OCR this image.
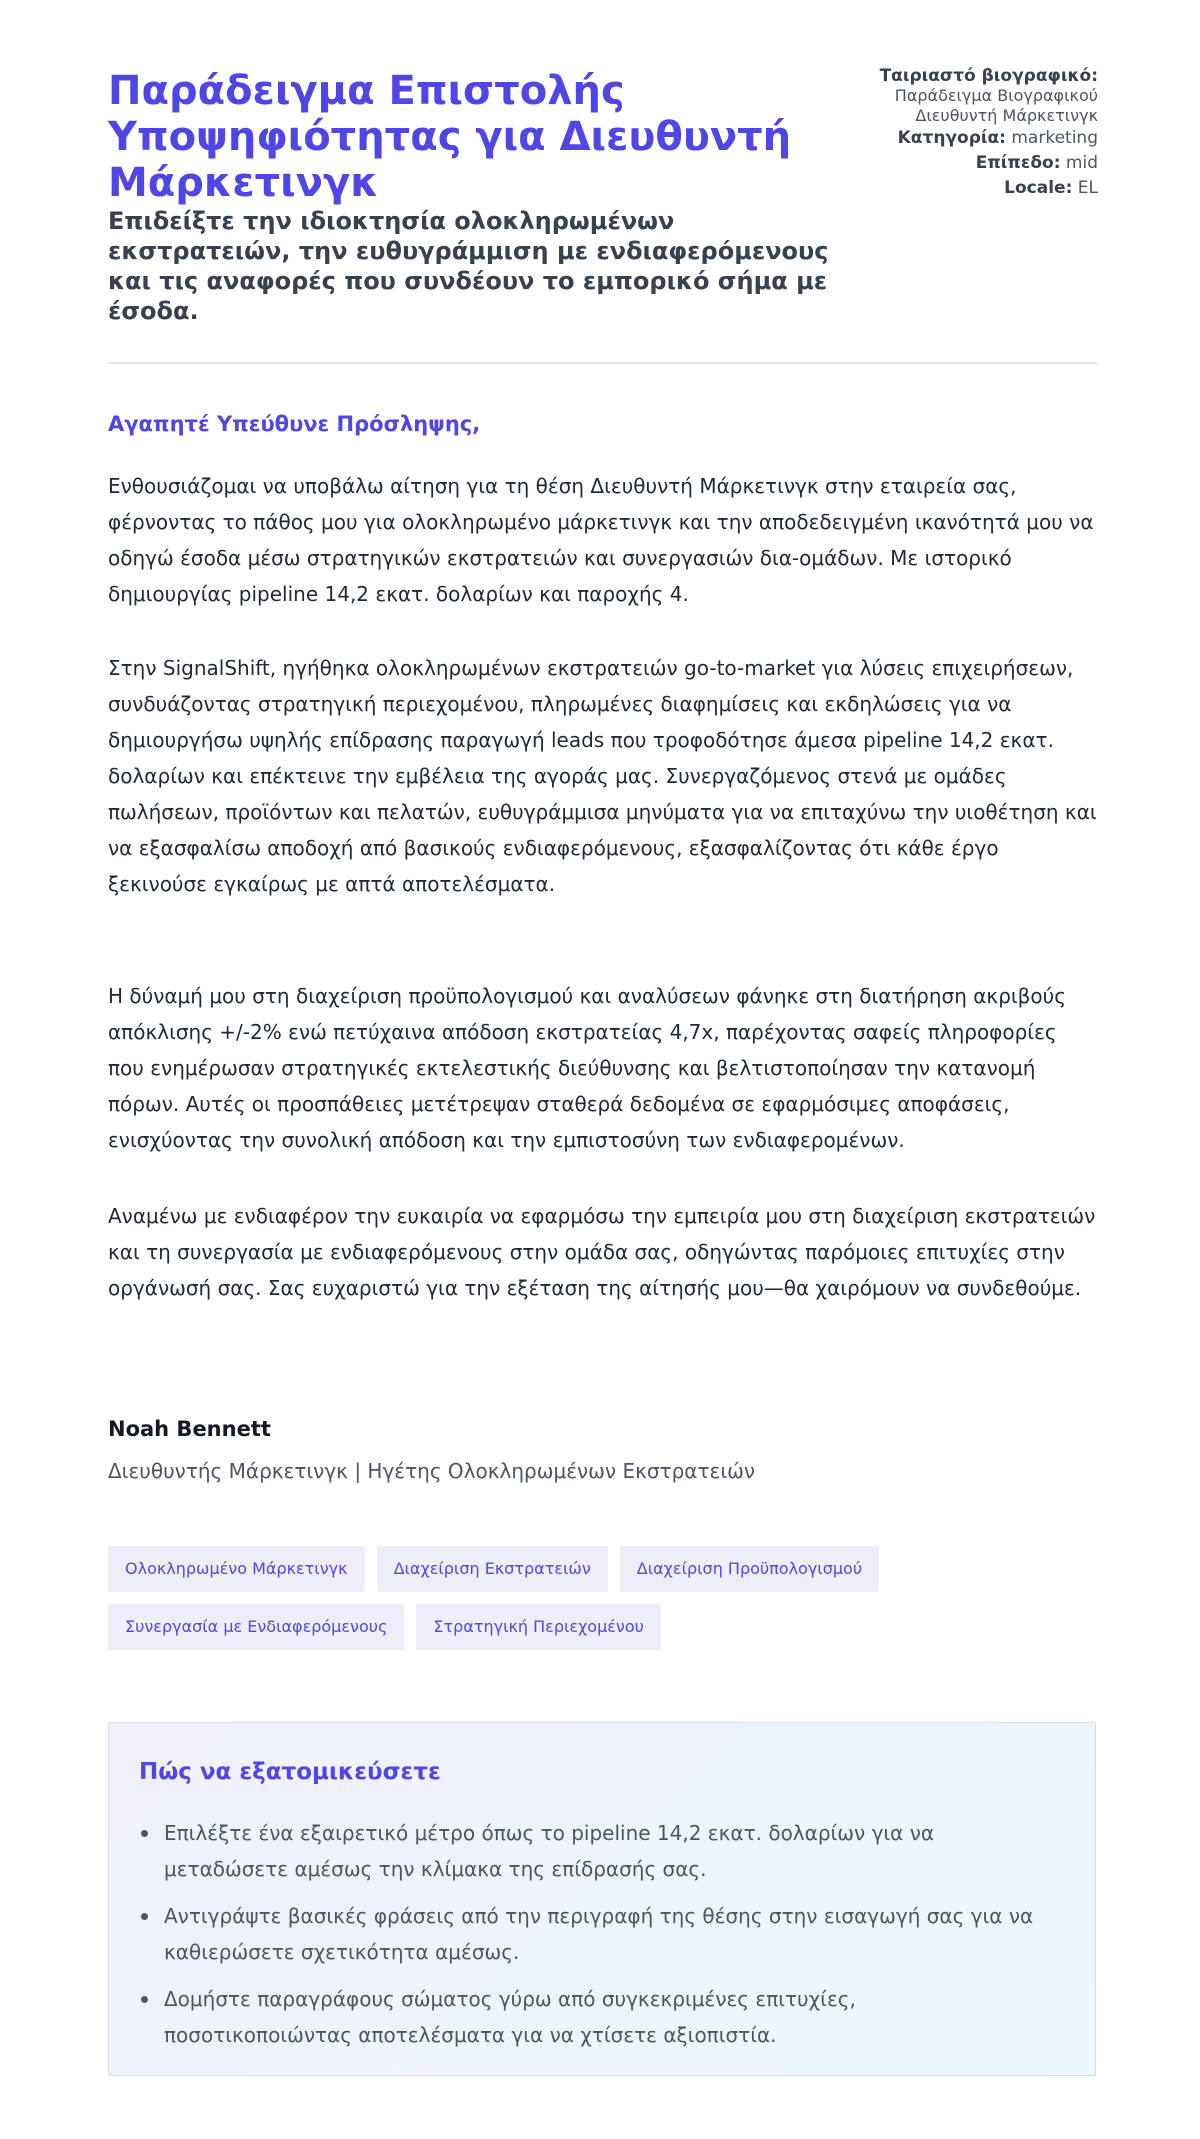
Παράδειγμα Επιστολής Υποψηφιότητας για Διευθυντή Μάρκετινγκ
Επιδείξτε την ιδιοκτησία ολοκληρωμένων εκστρατειών, την ευθυγράμμιση με ενδιαφερόμενους και τις αναφορές που συνδέουν το εμπορικό σήμα με έσοδα.
Ταιριαστό βιογραφικό:
Παράδειγμα Βιογραφικού Διευθυντή Μάρκετινγκ
Κατηγορία: marketing
Επίπεδο: mid
Locale: EL

Αγαπητέ Υπεύθυνε Πρόσληψης,

Ενθουσιάζομαι να υποβάλω αίτηση για τη θέση Διευθυντή Μάρκετινγκ στην εταιρεία σας, φέρνοντας το πάθος μου για ολοκληρωμένο μάρκετινγκ και την αποδεδειγμένη ικανότητά μου να οδηγώ έσοδα μέσω στρατηγικών εκστρατειών και συνεργασιών δια-ομάδων. Με ιστορικό δημιουργίας pipeline 14,2 εκατ. δολαρίων και παροχής 4.

Στην SignalShift, ηγήθηκα ολοκληρωμένων εκστρατειών go-to-market για λύσεις επιχειρήσεων, συνδυάζοντας στρατηγική περιεχομένου, πληρωμένες διαφημίσεις και εκδηλώσεις για να δημιουργήσω υψηλής επίδρασης παραγωγή leads που τροφοδότησε άμεσα pipeline 14,2 εκατ. δολαρίων και επέκτεινε την εμβέλεια της αγοράς μας. Συνεργαζόμενος στενά με ομάδες πωλήσεων, προϊόντων και πελατών, ευθυγράμμισα μηνύματα για να επιταχύνω την υιοθέτηση και να εξασφαλίσω αποδοχή από βασικούς ενδιαφερόμενους, εξασφαλίζοντας ότι κάθε έργο ξεκινούσε εγκαίρως με απτά αποτελέσματα.

Η δύναμή μου στη διαχείριση προϋπολογισμού και αναλύσεων φάνηκε στη διατήρηση ακριβούς απόκλισης +/-2% ενώ πετύχαινα απόδοση εκστρατείας 4,7x, παρέχοντας σαφείς πληροφορίες που ενημέρωσαν στρατηγικές εκτελεστικής διεύθυνσης και βελτιστοποίησαν την κατανομή πόρων. Αυτές οι προσπάθειες μετέτρεψαν σταθερά δεδομένα σε εφαρμόσιμες αποφάσεις, ενισχύοντας την συνολική απόδοση και την εμπιστοσύνη των ενδιαφερομένων.

Αναμένω με ενδιαφέρον την ευκαιρία να εφαρμόσω την εμπειρία μου στη διαχείριση εκστρατειών και τη συνεργασία με ενδιαφερόμενους στην ομάδα σας, οδηγώντας παρόμοιες επιτυχίες στην οργάνωσή σας. Σας ευχαριστώ για την εξέταση της αίτησής μου—θα χαιρόμουν να συνδεθούμε.

Noah Bennett

Διευθυντής Μάρκετινγκ | Ηγέτης Ολοκληρωμένων Εκστρατειών

Ολοκληρωμένο Μάρκετινγκ	Διαχείριση Εκστρατειών	Διαχείριση Προϋπολογισμού
Συνεργασία με Ενδιαφερόμενους	Στρατηγική Περιεχομένου
Πώς να εξατομικεύσετε
Επιλέξτε ένα εξαιρετικό μέτρο όπως το pipeline 14,2 εκατ. δολαρίων για να μεταδώσετε αμέσως την κλίμακα της επίδρασής σας.
Αντιγράψτε βασικές φράσεις από την περιγραφή της θέσης στην εισαγωγή σας για να καθιερώσετε σχετικότητα αμέσως.
Δομήστε παραγράφους σώματος γύρω από συγκεκριμένες επιτυχίες, ποσοτικοποιώντας αποτελέσματα για να χτίσετε αξιοπιστία.
